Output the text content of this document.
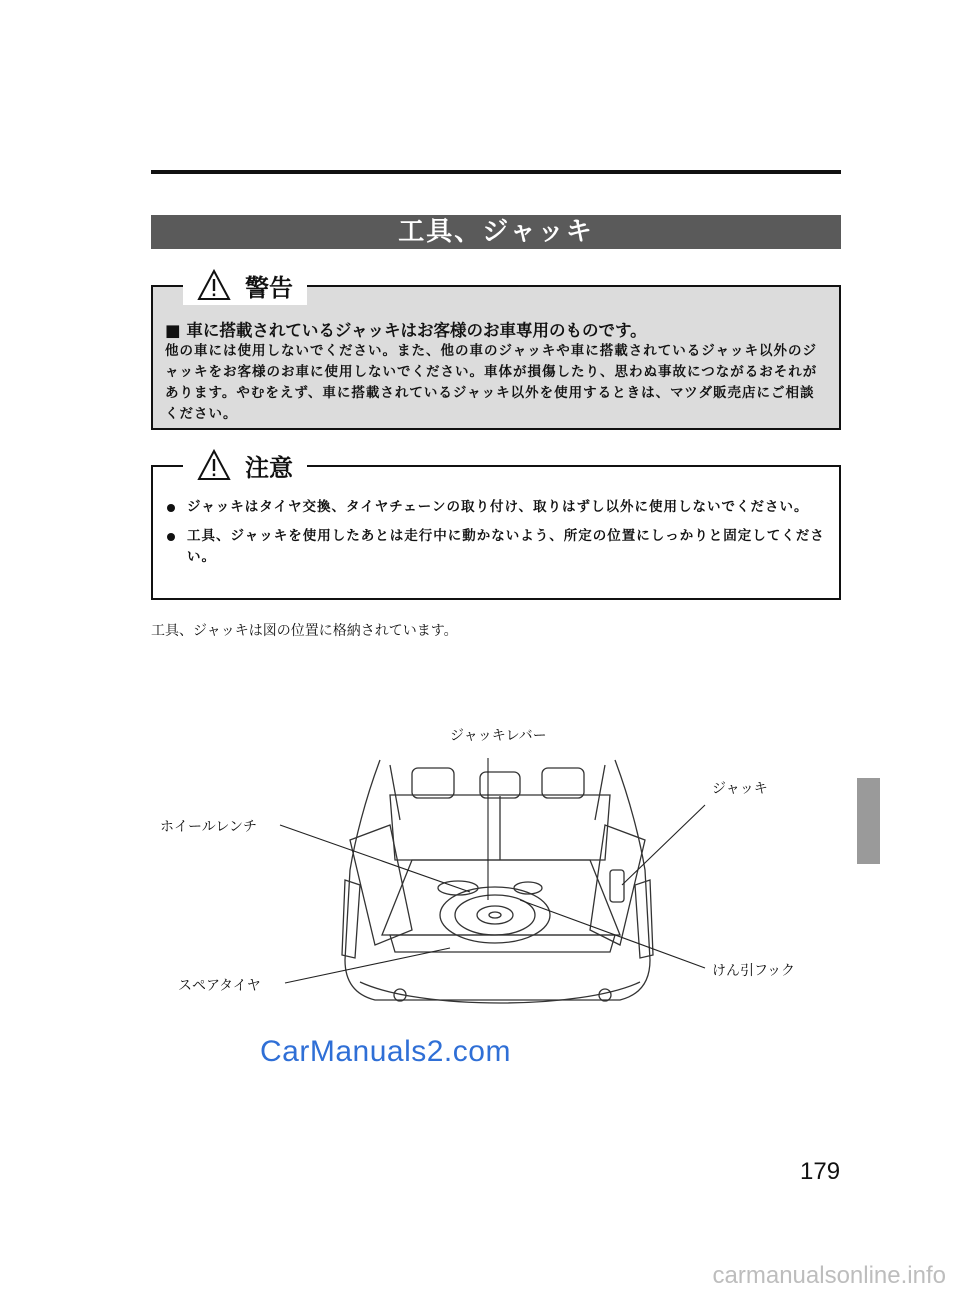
工具、ジャッキ
警告
■ 車に搭載されているジャッキはお客様のお車専用のものです。
他の車には使用しないでください。また、他の車のジャッキや車に搭載されているジャッキ以外のジャッキをお客様のお車に使用しないでください。車体が損傷したり、思わぬ事故につながるおそれがあります。やむをえず、車に搭載されているジャッキ以外を使用するときは、マツダ販売店にご相談ください。
注意
ジャッキはタイヤ交換、タイヤチェーンの取り付け、取りはずし以外に使用しないでください。
工具、ジャッキを使用したあとは走行中に動かないよう、所定の位置にしっかりと固定してください。
工具、ジャッキは図の位置に格納されています。
ジャッキレバー
ジャッキ
ホイールレンチ
スペアタイヤ
けん引フック
CarManuals2.com
179
carmanualsonline.info
